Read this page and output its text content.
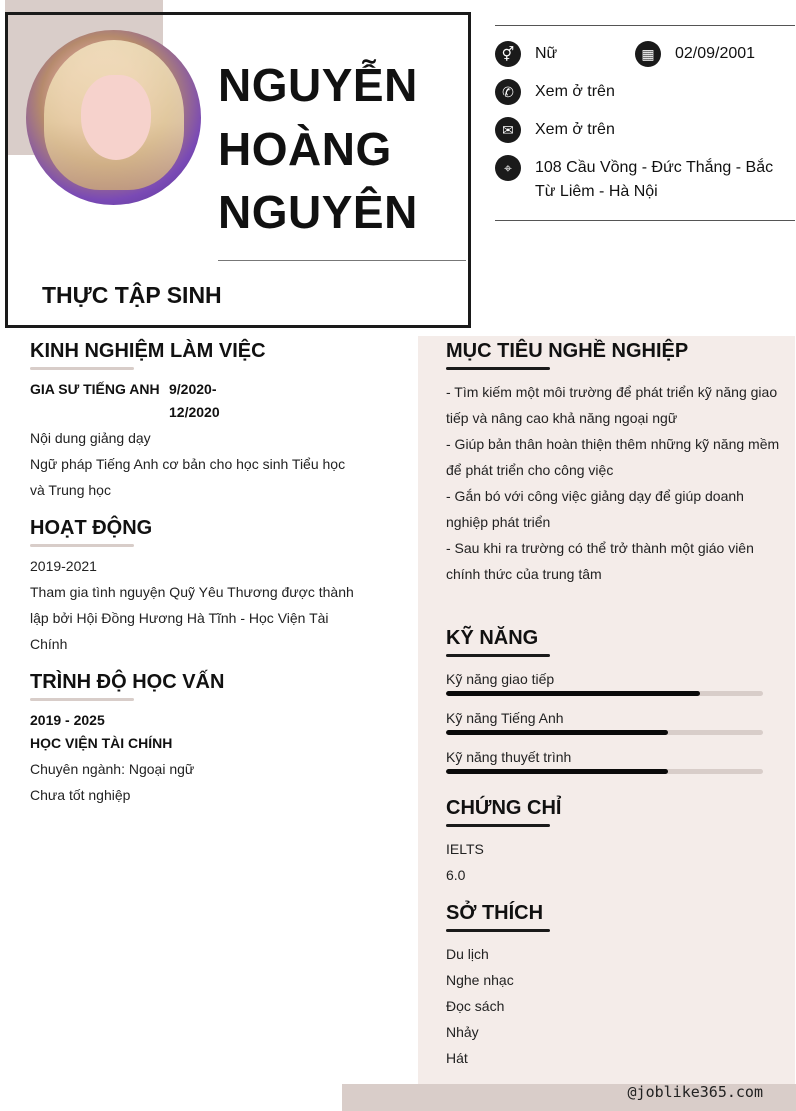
NGUYỄN
HOÀNG
NGUYÊN
THỰC TẬP SINH
⚥	Nữ	▦	02/09/2001
✆	Xem ở trên
✉	Xem ở trên
⌖	108 Cầu Vồng - Đức Thắng - Bắc
Từ Liêm - Hà Nội
KINH NGHIỆM LÀM VIỆC
GIA SƯ TIẾNG ANH 9/2020-
12/2020
Nội dung giảng dạy
Ngữ pháp Tiếng Anh cơ bản cho học sinh Tiểu học
và Trung học
HOẠT ĐỘNG
2019-2021
Tham gia tình nguyện Quỹ Yêu Thương được thành
lập bởi Hội Đồng Hương Hà Tĩnh - Học Viện Tài
Chính
TRÌNH ĐỘ HỌC VẤN
2019 - 2025
HỌC VIỆN TÀI CHÍNH
Chuyên ngành: Ngoại ngữ
Chưa tốt nghiệp
MỤC TIÊU NGHỀ NGHIỆP
- Tìm kiếm một môi trường để phát triển kỹ năng giao
tiếp và nâng cao khả năng ngoại ngữ
- Giúp bản thân hoàn thiện thêm những kỹ năng mềm
để phát triển cho công việc
- Gắn bó với công việc giảng dạy để giúp doanh
nghiệp phát triển
- Sau khi ra trường có thể trở thành một giáo viên
chính thức của trung tâm
KỸ NĂNG
Kỹ năng giao tiếp
Kỹ năng Tiếng Anh
Kỹ năng thuyết trình
CHỨNG CHỈ
IELTS
6.0
SỞ THÍCH
Du lịch
Nghe nhạc
Đọc sách
Nhảy
Hát
@joblike365.com
